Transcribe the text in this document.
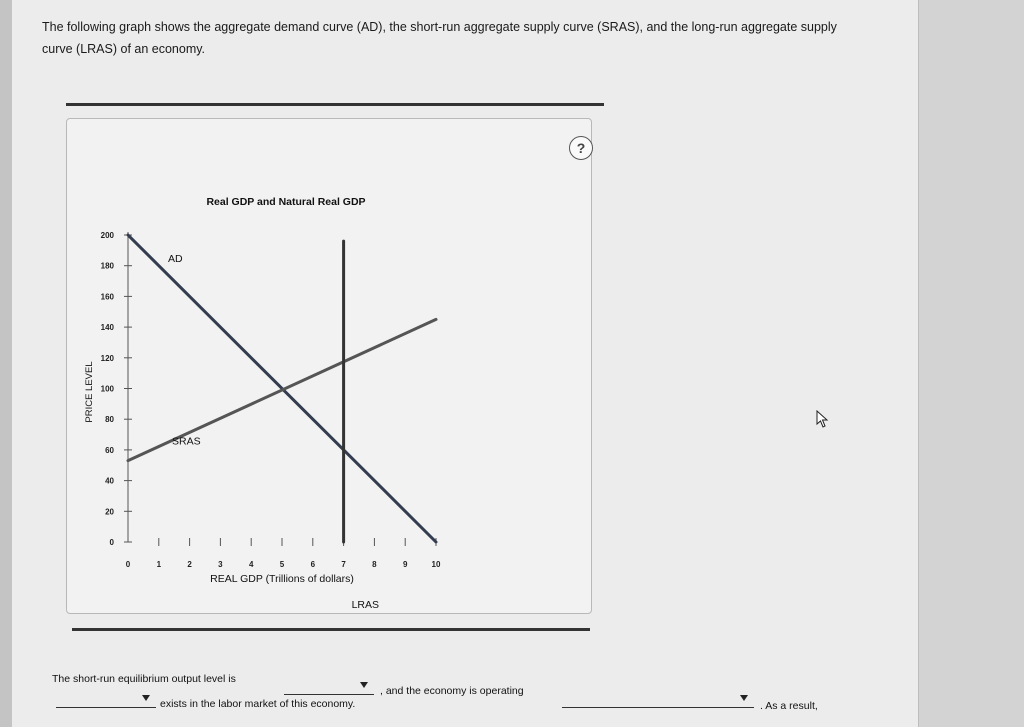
The following graph shows the aggregate demand curve (AD), the short-run aggregate supply curve (SRAS), and the long-run aggregate supply
curve (LRAS) of an economy.
?
Real GDP and Natural Real GDP
REAL GDP (Trillions of dollars)
PRICE LEVEL
0
20
40
60
80
100
120
140
160
180
200
0	1	2	3	4	5	6	7	8	9	10
AD
SRAS
LRAS
The short-run equilibrium output level is
, and the economy is operating
. As a result,
exists in the labor market of this economy.
